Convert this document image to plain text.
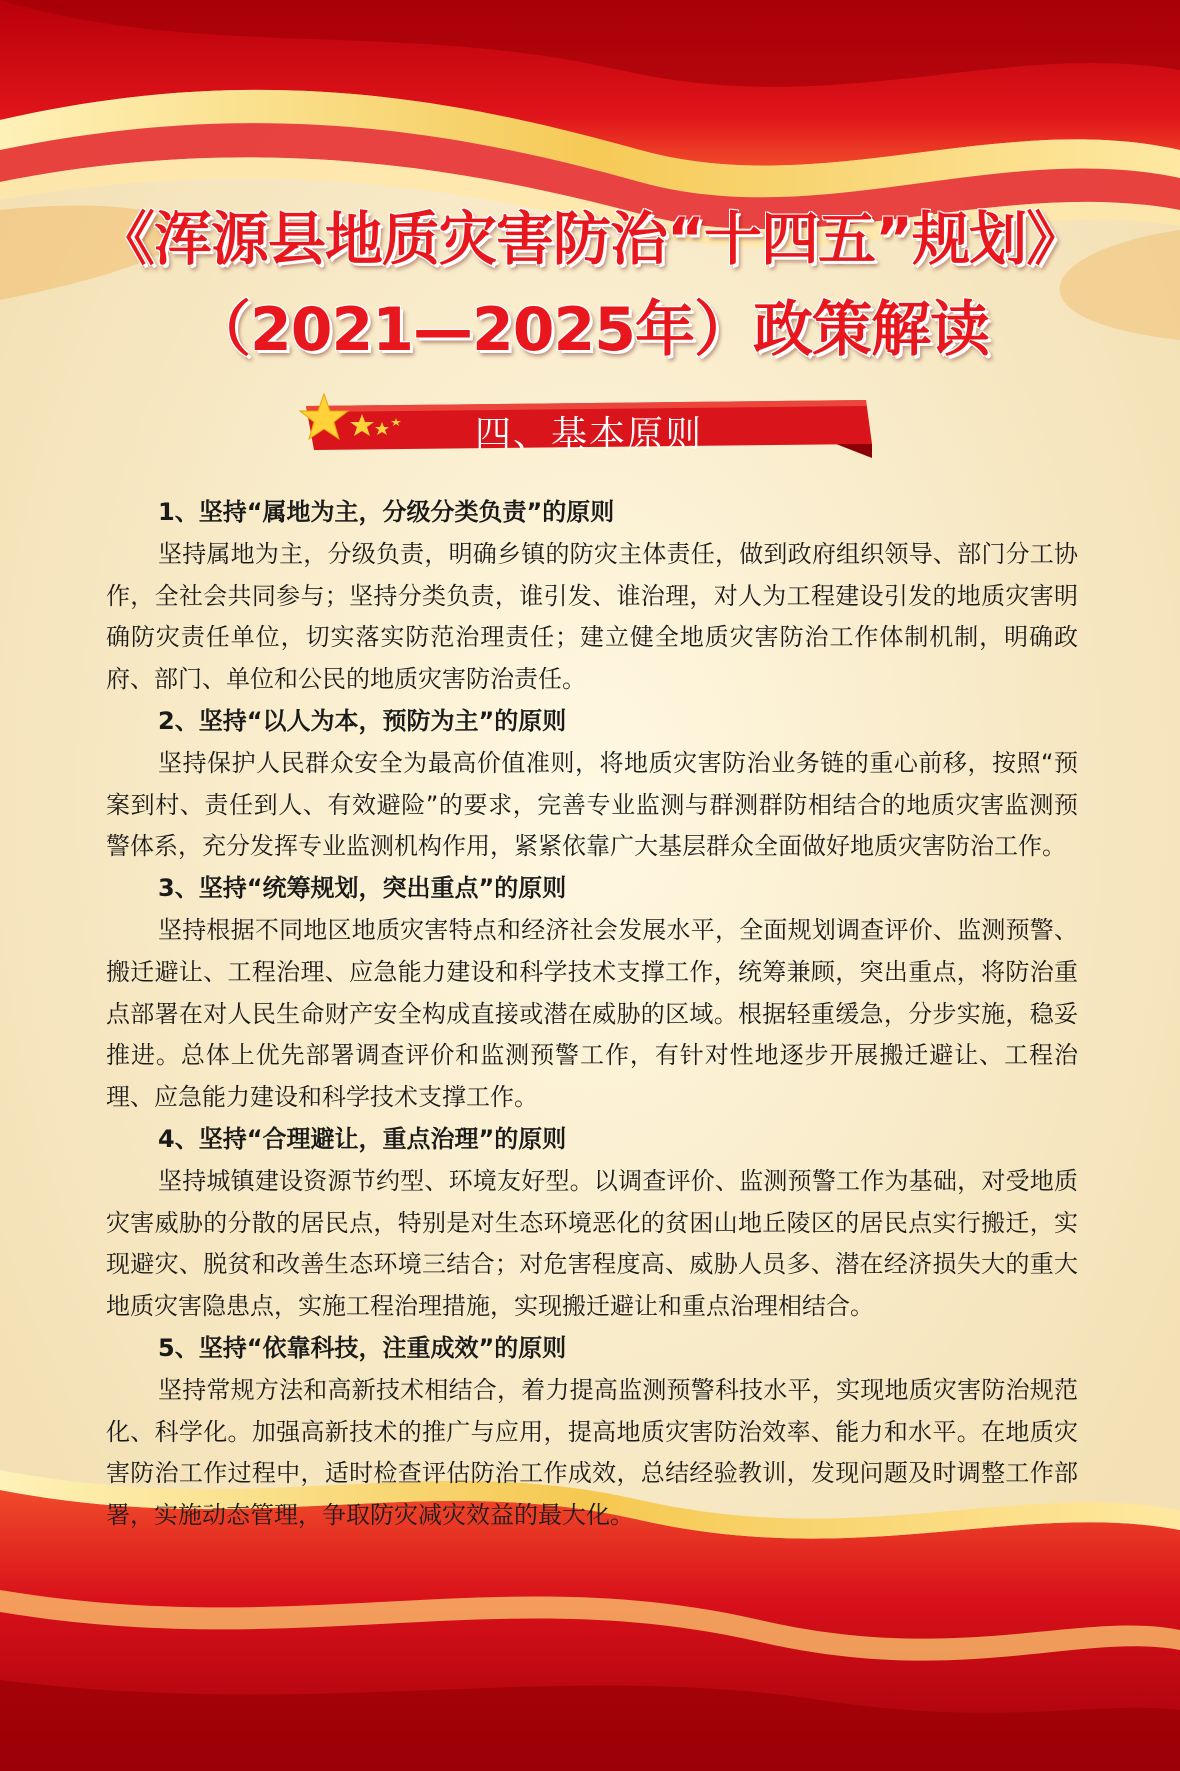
《浑源县地质灾害防治“十四五”规划》
（2021—2025年）政策解读
四、基本原则

1、坚持“属地为主，分级分类负责”的原则

坚持属地为主，分级负责，明确乡镇的防灾主体责任，做到政府组织领导、部门分工协作，全社会共同参与；坚持分类负责，谁引发、谁治理，对人为工程建设引发的地质灾害明确防灾责任单位，切实落实防范治理责任；建立健全地质灾害防治工作体制机制，明确政府、部门、单位和公民的地质灾害防治责任。

2、坚持“以人为本，预防为主”的原则

坚持保护人民群众安全为最高价值准则，将地质灾害防治业务链的重心前移，按照“预案到村、责任到人、有效避险”的要求，完善专业监测与群测群防相结合的地质灾害监测预警体系，充分发挥专业监测机构作用，紧紧依靠广大基层群众全面做好地质灾害防治工作。

3、坚持“统筹规划，突出重点”的原则

坚持根据不同地区地质灾害特点和经济社会发展水平，全面规划调查评价、监测预警、搬迁避让、工程治理、应急能力建设和科学技术支撑工作，统筹兼顾，突出重点，将防治重点部署在对人民生命财产安全构成直接或潜在威胁的区域。根据轻重缓急，分步实施，稳妥推进。总体上优先部署调查评价和监测预警工作，有针对性地逐步开展搬迁避让、工程治理、应急能力建设和科学技术支撑工作。

4、坚持“合理避让，重点治理”的原则

坚持城镇建设资源节约型、环境友好型。以调查评价、监测预警工作为基础，对受地质灾害威胁的分散的居民点，特别是对生态环境恶化的贫困山地丘陵区的居民点实行搬迁，实现避灾、脱贫和改善生态环境三结合；对危害程度高、威胁人员多、潜在经济损失大的重大地质灾害隐患点，实施工程治理措施，实现搬迁避让和重点治理相结合。

5、坚持“依靠科技，注重成效”的原则

坚持常规方法和高新技术相结合，着力提高监测预警科技水平，实现地质灾害防治规范化、科学化。加强高新技术的推广与应用，提高地质灾害防治效率、能力和水平。在地质灾害防治工作过程中，适时检查评估防治工作成效，总结经验教训，发现问题及时调整工作部署，实施动态管理，争取防灾减灾效益的最大化。
